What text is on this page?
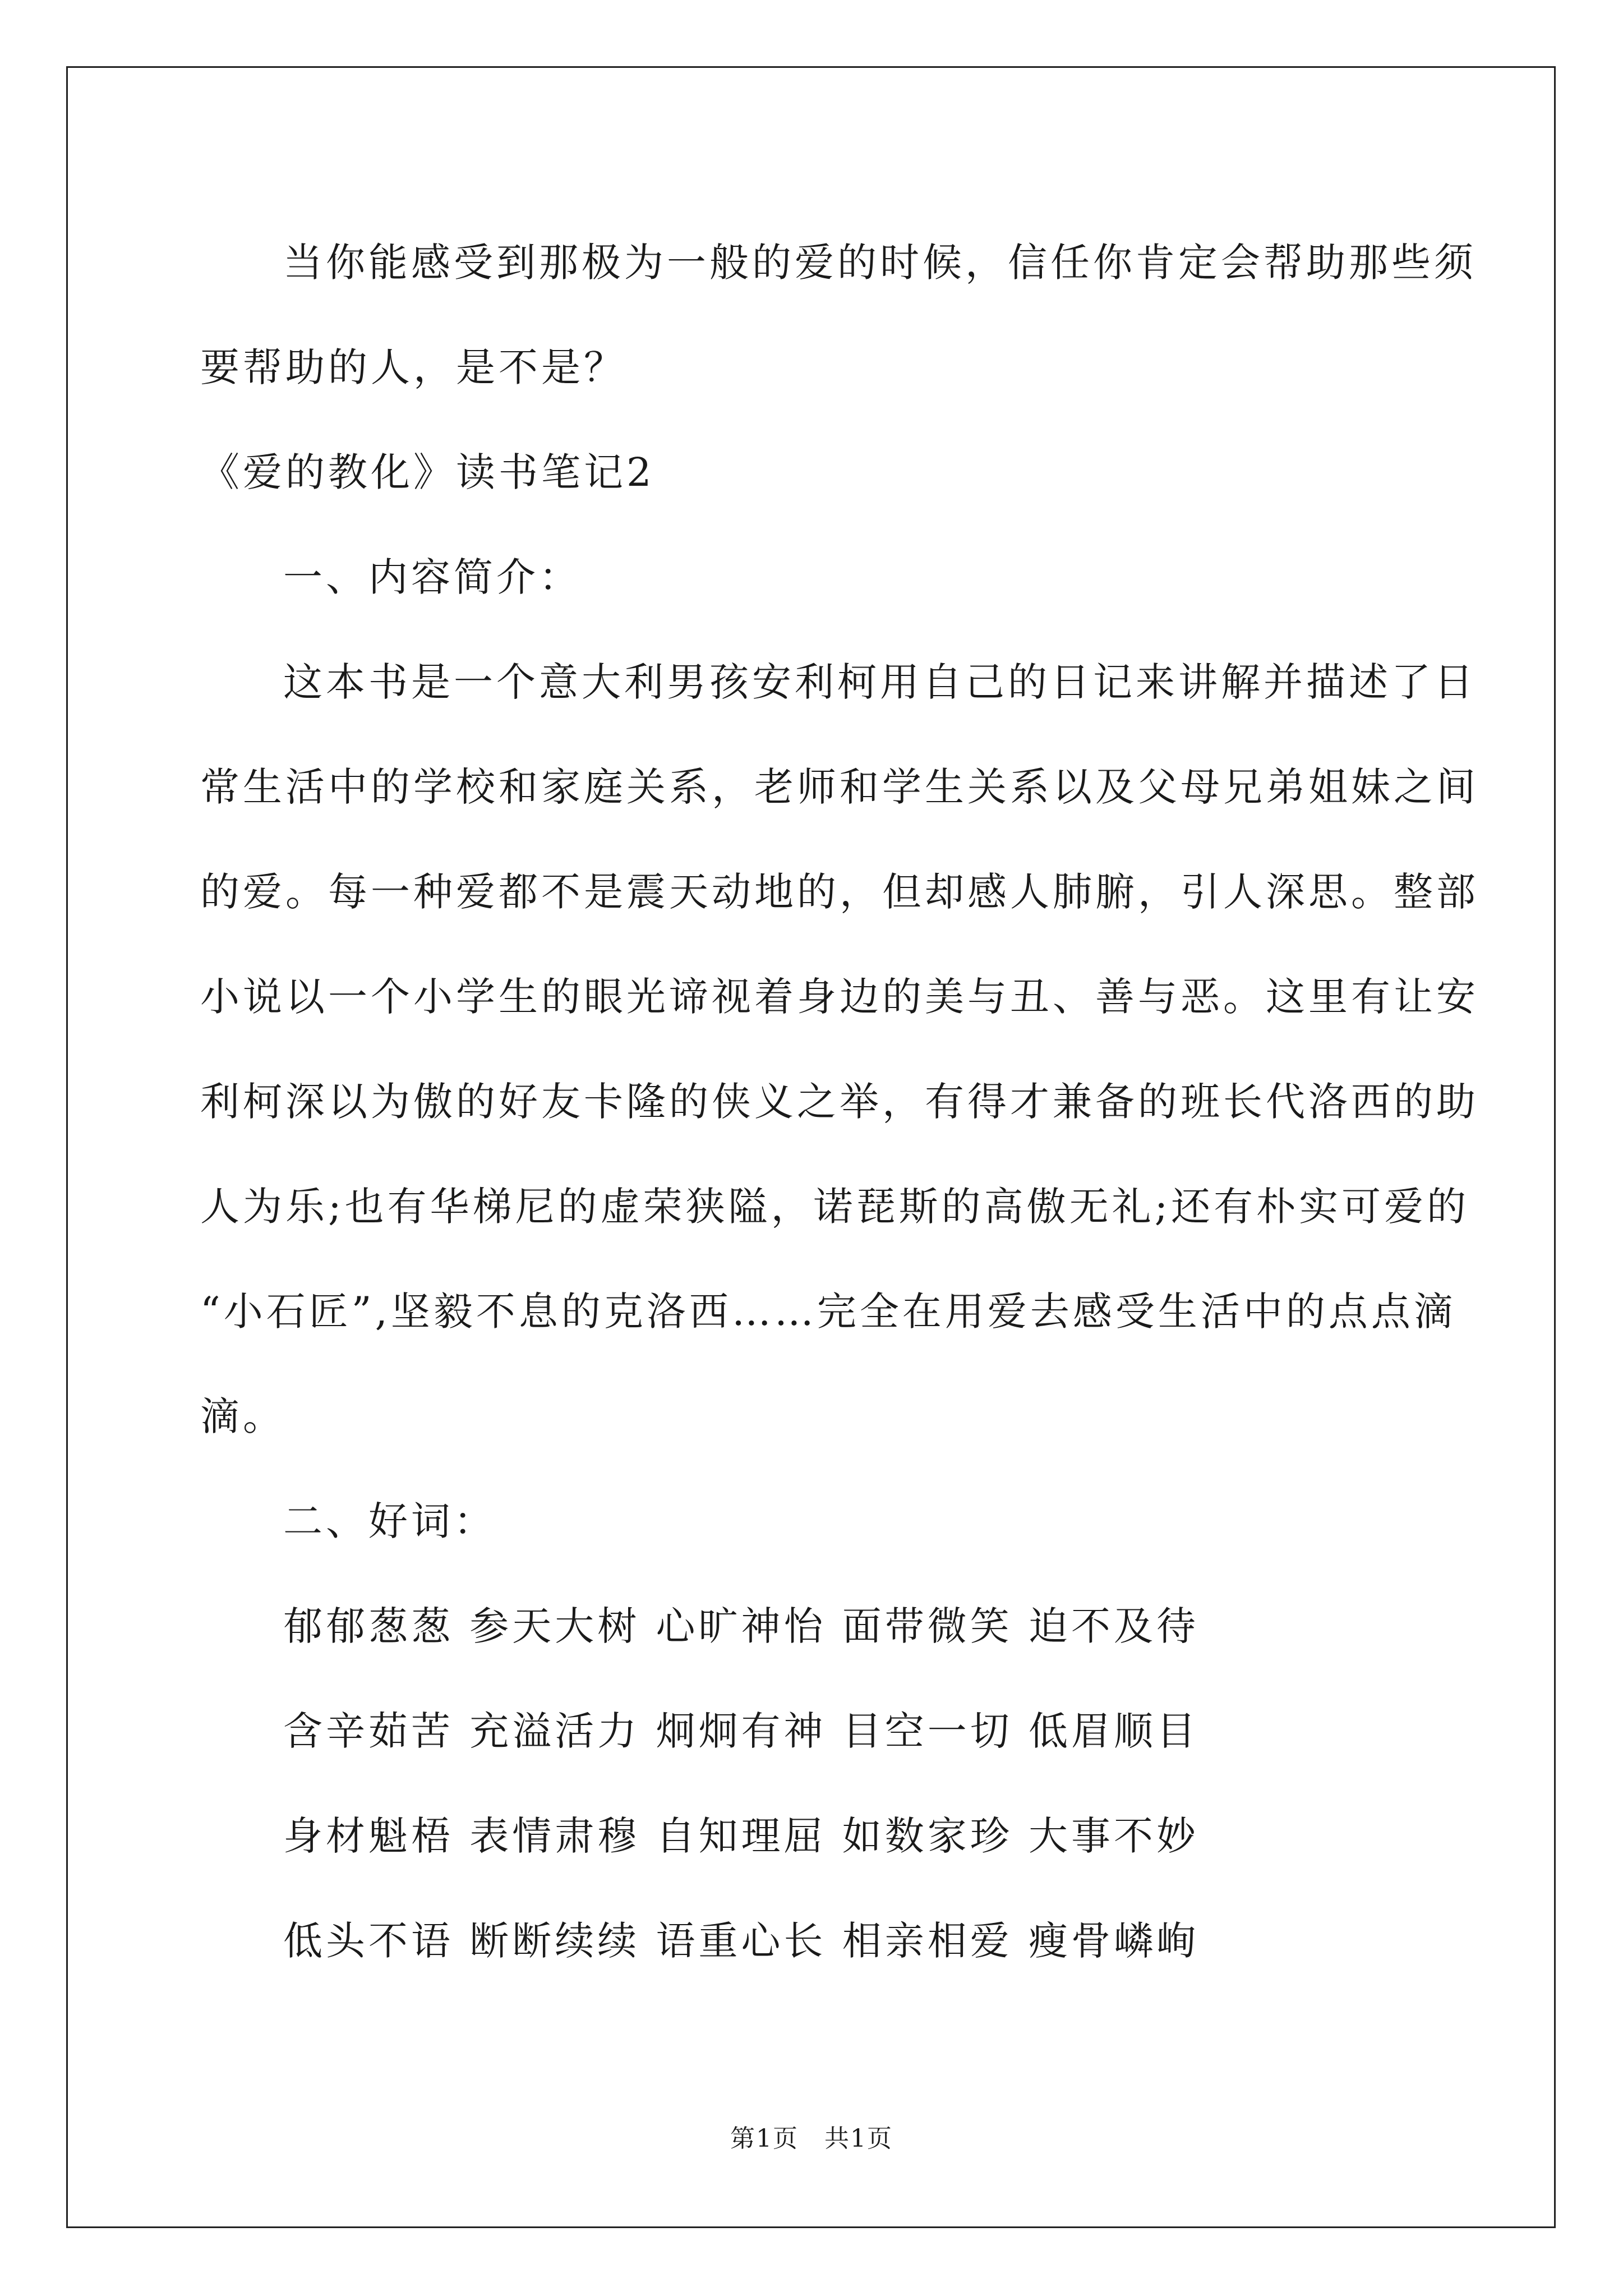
当你能感受到那极为一般的爱的时候，信任你肯定会帮助那些须
要帮助的人，是不是？
《爱的教化》读书笔记2
一、内容简介：
这本书是一个意大利男孩安利柯用自己的日记来讲解并描述了日
常生活中的学校和家庭关系，老师和学生关系以及父母兄弟姐妹之间
的爱。每一种爱都不是震天动地的，但却感人肺腑，引人深思。整部
小说以一个小学生的眼光谛视着身边的美与丑、善与恶。这里有让安
利柯深以为傲的好友卡隆的侠义之举，有得才兼备的班长代洛西的助
人为乐;也有华梯尼的虚荣狭隘，诺琵斯的高傲无礼;还有朴实可爱的
“小石匠”,坚毅不息的克洛西……完全在用爱去感受生活中的点点滴
滴。
二、好词：
郁郁葱葱 参天大树 心旷神怡 面带微笑 迫不及待
含辛茹苦 充溢活力 炯炯有神 目空一切 低眉顺目
身材魁梧 表情肃穆 自知理屈 如数家珍 大事不妙
低头不语 断断续续 语重心长 相亲相爱 瘦骨嶙峋
第1页　共1页
